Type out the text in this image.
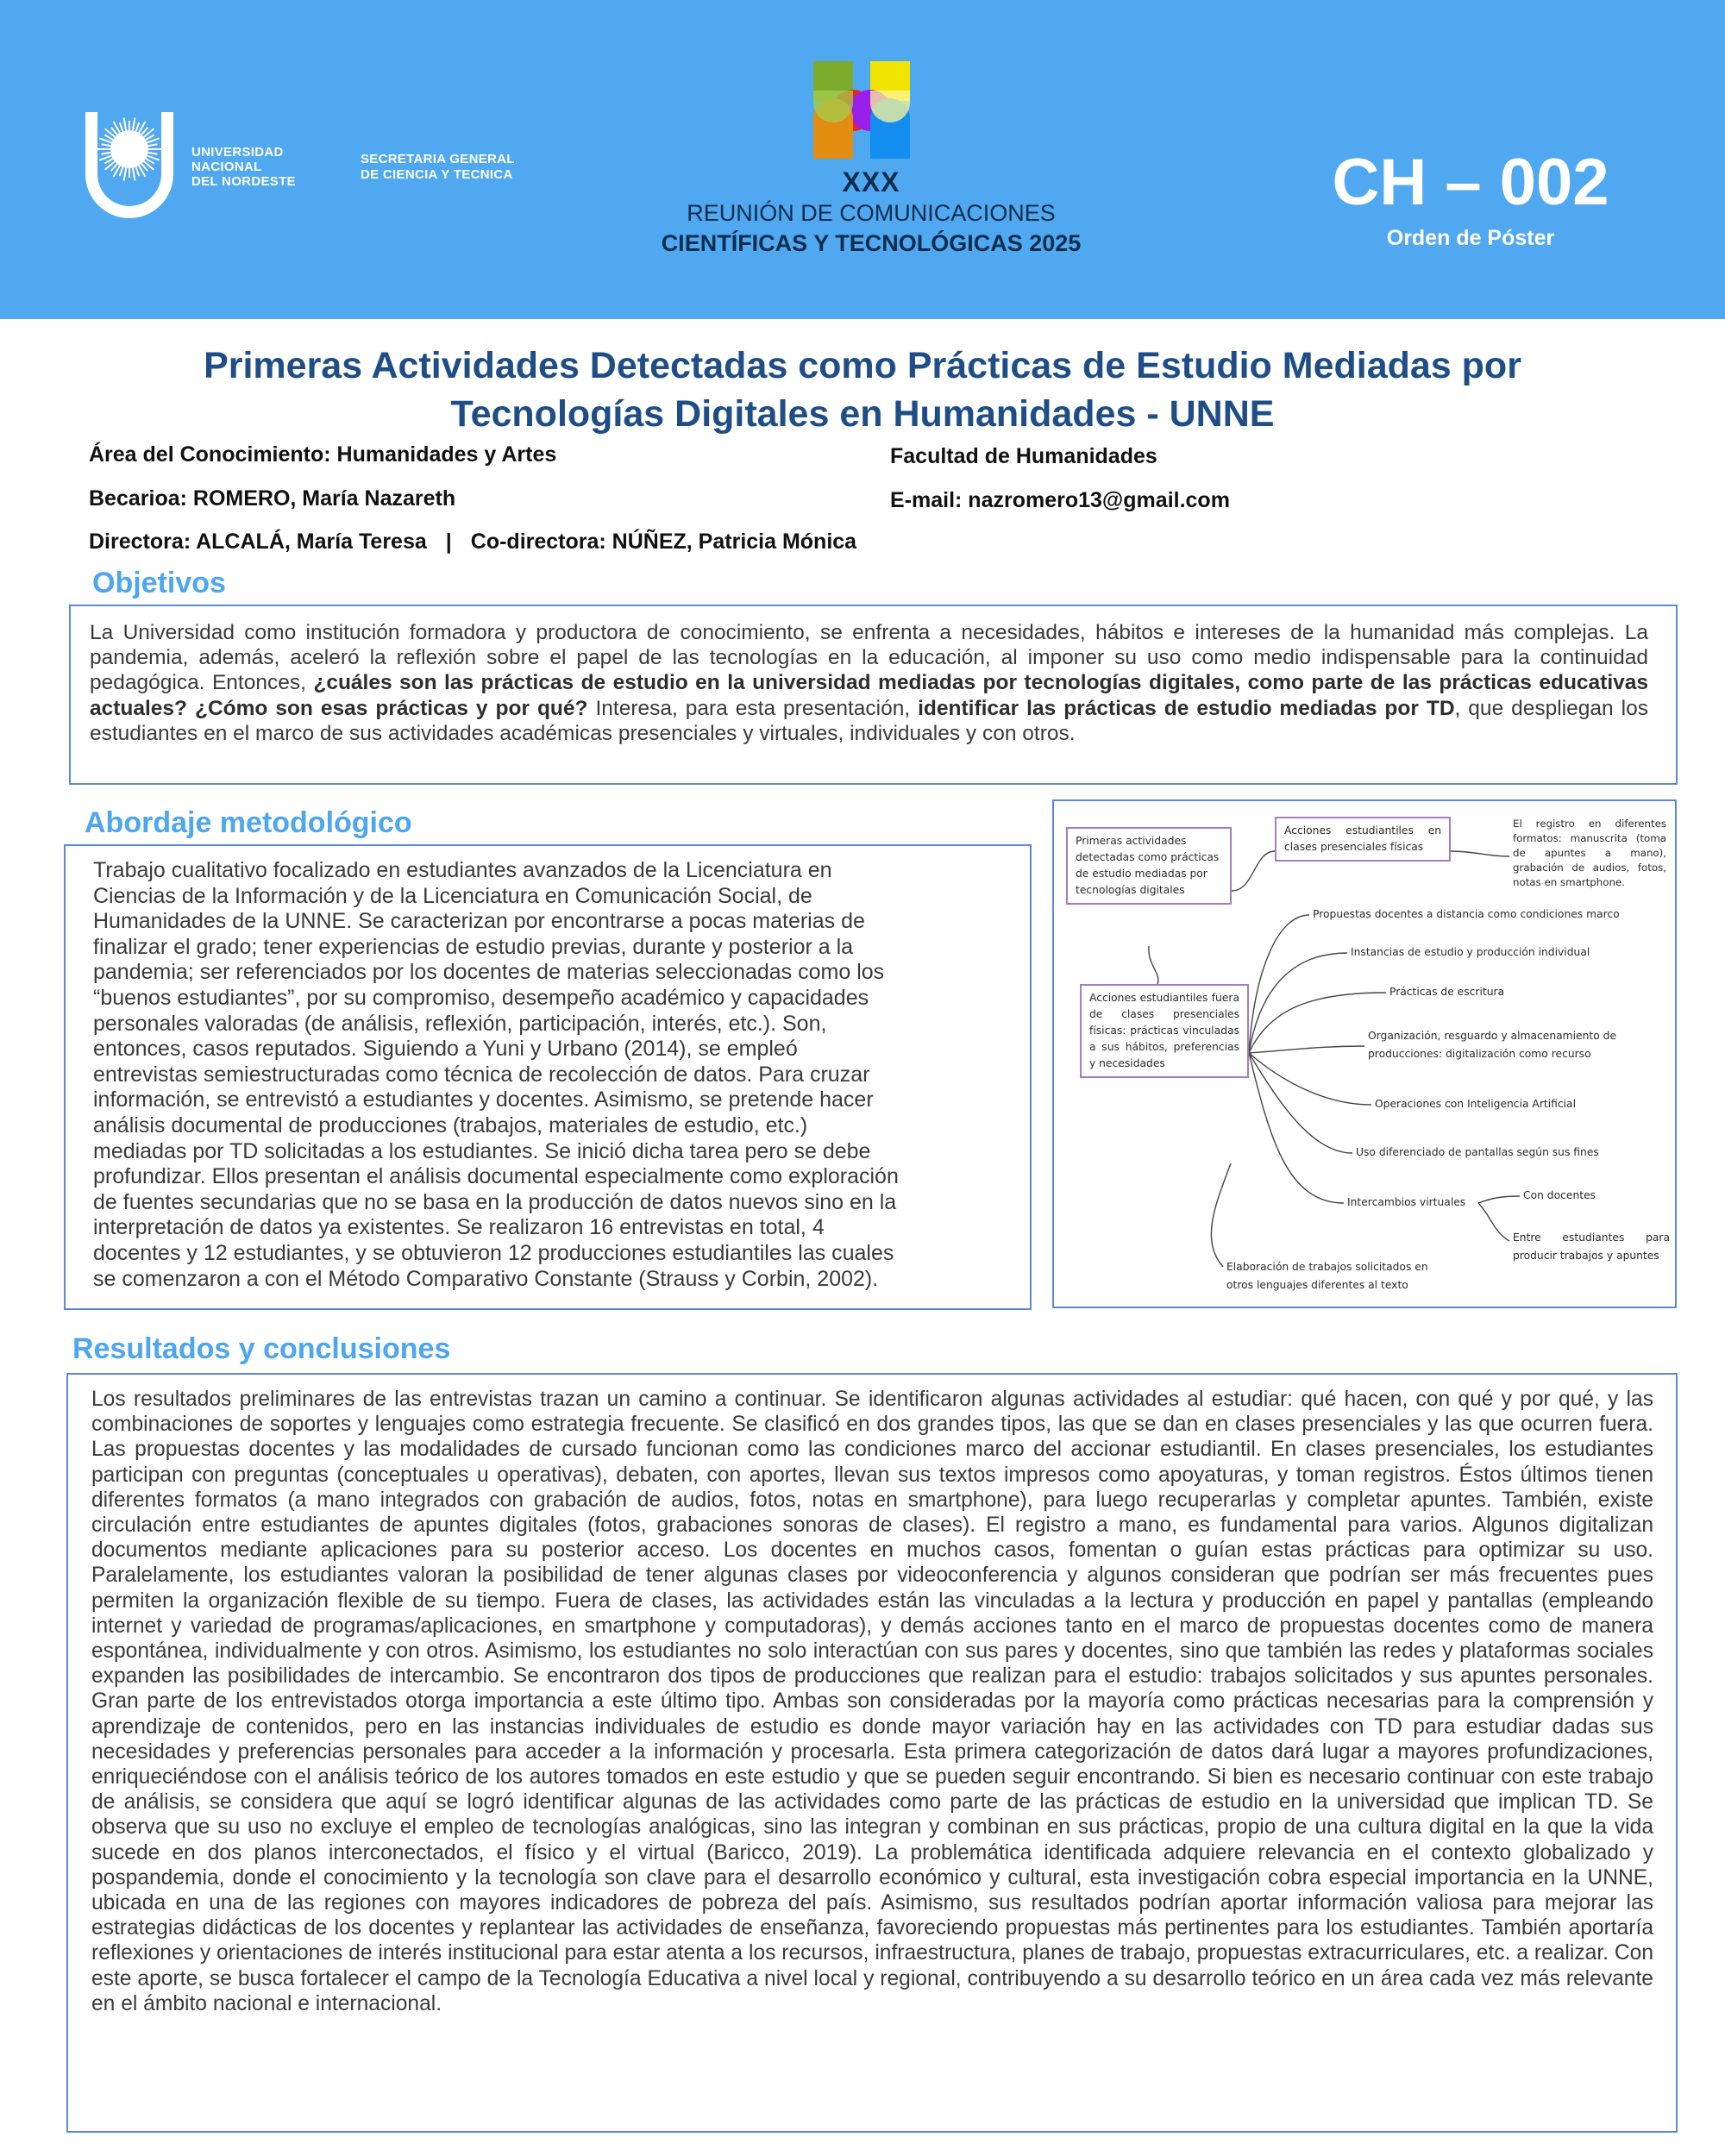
UNIVERSIDAD
NACIONAL
DEL NORDESTE
SECRETARIA GENERAL
DE CIENCIA Y TECNICA	XXX
REUNIÓN DE COMUNICACIONES
CIENTÍFICAS Y TECNOLÓGICAS 2025
CH – 002
Orden de Póster
Primeras Actividades Detectadas como Prácticas de Estudio Mediadas por
Tecnologías Digitales en Humanidades - UNNE
Área del Conocimiento: Humanidades y Artes	Facultad de Humanidades
Becarioa: ROMERO, María Nazareth	E-mail: nazromero13@gmail.com
Directora: ALCALÁ, María Teresa | Co-directora: NÚÑEZ, Patricia Mónica
Objetivos

La Universidad como institución formadora y productora de conocimiento, se enfrenta a necesidades, hábitos e intereses de la humanidad más complejas. La pandemia, además, aceleró la reflexión sobre el papel de las tecnologías en la educación, al imponer su uso como medio indispensable para la continuidad pedagógica. Entonces, ¿cuáles son las prácticas de estudio en la universidad mediadas por tecnologías digitales, como parte de las prácticas educativas actuales? ¿Cómo son esas prácticas y por qué? Interesa, para esta presentación, identificar las prácticas de estudio mediadas por TD, que despliegan los estudiantes en el marco de sus actividades académicas presenciales y virtuales, individuales y con otros.

Abordaje metodológico
Trabajo cualitativo focalizado en estudiantes avanzados de la Licenciatura en
Ciencias de la Información y de la Licenciatura en Comunicación Social, de
Humanidades de la UNNE. Se caracterizan por encontrarse a pocas materias de
finalizar el grado; tener experiencias de estudio previas, durante y posterior a la
pandemia; ser referenciados por los docentes de materias seleccionadas como los
“buenos estudiantes”, por su compromiso, desempeño académico y capacidades
personales valoradas (de análisis, reflexión, participación, interés, etc.). Son,
entonces, casos reputados. Siguiendo a Yuni y Urbano (2014), se empleó
entrevistas semiestructuradas como técnica de recolección de datos. Para cruzar
información, se entrevistó a estudiantes y docentes. Asimismo, se pretende hacer
análisis documental de producciones (trabajos, materiales de estudio, etc.)
mediadas por TD solicitadas a los estudiantes. Se inició dicha tarea pero se debe
profundizar. Ellos presentan el análisis documental especialmente como exploración
de fuentes secundarias que no se basa en la producción de datos nuevos sino en la
interpretación de datos ya existentes. Se realizaron 16 entrevistas en total, 4
docentes y 12 estudiantes, y se obtuvieron 12 producciones estudiantiles las cuales
se comenzaron a con el Método Comparativo Constante (Strauss y Corbin, 2002).
Primeras actividades detectadas como prácticas de estudio mediadas por tecnologías digitales
Acciones estudiantiles en clases presenciales físicas
El registro en diferentes formatos: manuscrita (toma de apuntes a mano), grabación de audios, fotos, notas en smartphone.
Acciones estudiantiles fuera de clases presenciales físicas: prácticas vinculadas a sus hábitos, preferencias y necesidades
Propuestas docentes a distancia como condiciones marco
Instancias de estudio y producción individual
Prácticas de escritura
Organización, resguardo y almacenamiento de producciones: digitalización como recurso
Operaciones con Inteligencia Artificial
Uso diferenciado de pantallas según sus fines
Intercambios virtuales
Elaboración de trabajos solicitados en otros lenguajes diferentes al texto
Con docentes
Entre estudiantes para producir trabajos y apuntes
Resultados y conclusiones

Los resultados preliminares de las entrevistas trazan un camino a continuar. Se identificaron algunas actividades al estudiar: qué hacen, con qué y por qué, y las combinaciones de soportes y lenguajes como estrategia frecuente. Se clasificó en dos grandes tipos, las que se dan en clases presenciales y las que ocurren fuera. Las propuestas docentes y las modalidades de cursado funcionan como las condiciones marco del accionar estudiantil. En clases presenciales, los estudiantes participan con preguntas (conceptuales u operativas), debaten, con aportes, llevan sus textos impresos como apoyaturas, y toman registros. Éstos últimos tienen diferentes formatos (a mano integrados con grabación de audios, fotos, notas en smartphone), para luego recuperarlas y completar apuntes. También, existe circulación entre estudiantes de apuntes digitales (fotos, grabaciones sonoras de clases). El registro a mano, es fundamental para varios. Algunos digitalizan documentos mediante aplicaciones para su posterior acceso. Los docentes en muchos casos, fomentan o guían estas prácticas para optimizar su uso. Paralelamente, los estudiantes valoran la posibilidad de tener algunas clases por videoconferencia y algunos consideran que podrían ser más frecuentes pues permiten la organización flexible de su tiempo. Fuera de clases, las actividades están las vinculadas a la lectura y producción en papel y pantallas (empleando internet y variedad de programas/aplicaciones, en smartphone y computadoras), y demás acciones tanto en el marco de propuestas docentes como de manera espontánea, individualmente y con otros. Asimismo, los estudiantes no solo interactúan con sus pares y docentes, sino que también las redes y plataformas sociales expanden las posibilidades de intercambio. Se encontraron dos tipos de producciones que realizan para el estudio: trabajos solicitados y sus apuntes personales. Gran parte de los entrevistados otorga importancia a este último tipo. Ambas son consideradas por la mayoría como prácticas necesarias para la comprensión y aprendizaje de contenidos, pero en las instancias individuales de estudio es donde mayor variación hay en las actividades con TD para estudiar dadas sus necesidades y preferencias personales para acceder a la información y procesarla. Esta primera categorización de datos dará lugar a mayores profundizaciones, enriqueciéndose con el análisis teórico de los autores tomados en este estudio y que se pueden seguir encontrando. Si bien es necesario continuar con este trabajo de análisis, se considera que aquí se logró identificar algunas de las actividades como parte de las prácticas de estudio en la universidad que implican TD. Se observa que su uso no excluye el empleo de tecnologías analógicas, sino las integran y combinan en sus prácticas, propio de una cultura digital en la que la vida sucede en dos planos interconectados, el físico y el virtual (Baricco, 2019). La problemática identificada adquiere relevancia en el contexto globalizado y pospandemia, donde el conocimiento y la tecnología son clave para el desarrollo económico y cultural, esta investigación cobra especial importancia en la UNNE, ubicada en una de las regiones con mayores indicadores de pobreza del país. Asimismo, sus resultados podrían aportar información valiosa para mejorar las estrategias didácticas de los docentes y replantear las actividades de enseñanza, favoreciendo propuestas más pertinentes para los estudiantes. También aportaría reflexiones y orientaciones de interés institucional para estar atenta a los recursos, infraestructura, planes de trabajo, propuestas extracurriculares, etc. a realizar. Con este aporte, se busca fortalecer el campo de la Tecnología Educativa a nivel local y regional, contribuyendo a su desarrollo teórico en un área cada vez más relevante en el ámbito nacional e internacional.
